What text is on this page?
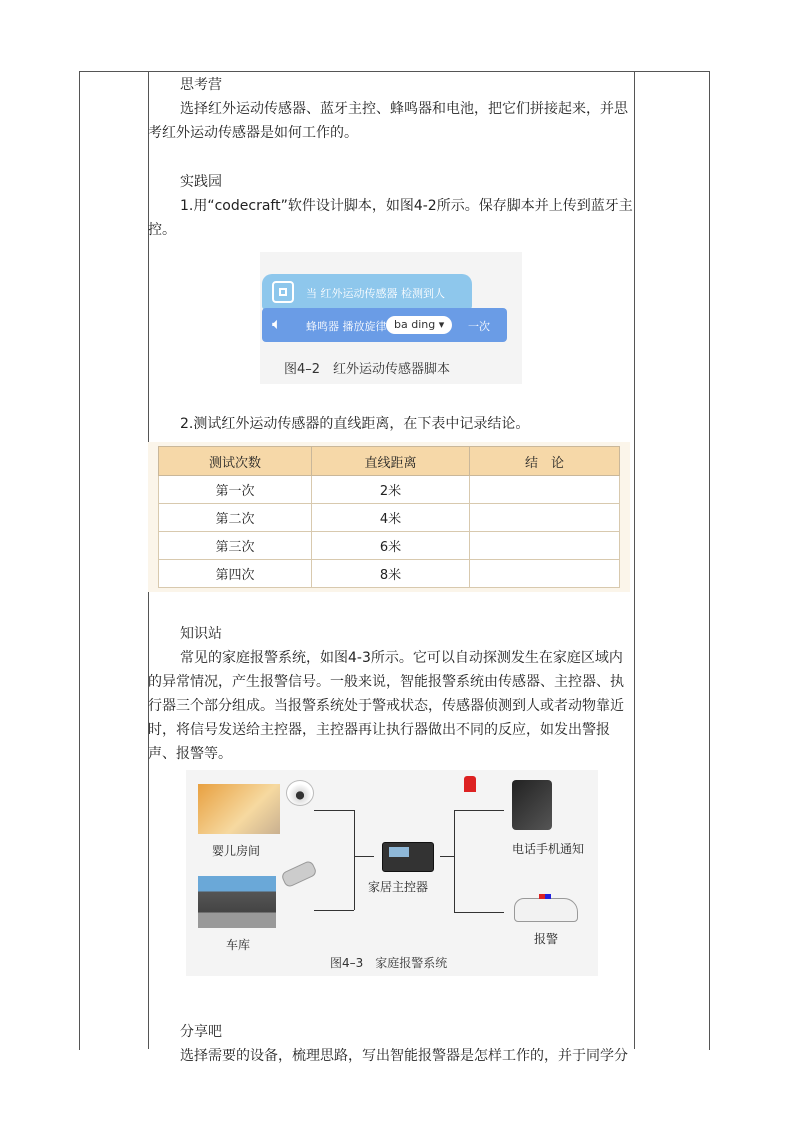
思考营

选择红外运动传感器、蓝牙主控、蜂鸣器和电池，把它们拼接起来，并思考红外运动传感器是如何工作的。

实践园

1.用“codecraft”软件设计脚本，如图4-2所示。保存脚本并上传到蓝牙主控。

当 红外运动传感器 检测到人
🔈︎ 蜂鸣器 播放旋律 ba ding ▾	一次
图4–2　红外运动传感器脚本

2.测试红外运动传感器的直线距离，在下表中记录结论。

测试次数	直线距离	结　论
第一次	2米	
第二次	4米	
第三次	6米	
第四次	8米	

知识站

常见的家庭报警系统，如图4-3所示。它可以自动探测发生在家庭区域内的异常情况，产生报警信号。一般来说，智能报警系统由传感器、主控器、执行器三个部分组成。当报警系统处于警戒状态，传感器侦测到人或者动物靠近时，将信号发送给主控器，主控器再让执行器做出不同的反应，如发出警报声、报警等。

婴儿房间
车库
家居主控器
电话手机通知
报警
图4–3　家庭报警系统

分享吧

选择需要的设备，梳理思路，写出智能报警器是怎样工作的，并于同学分
